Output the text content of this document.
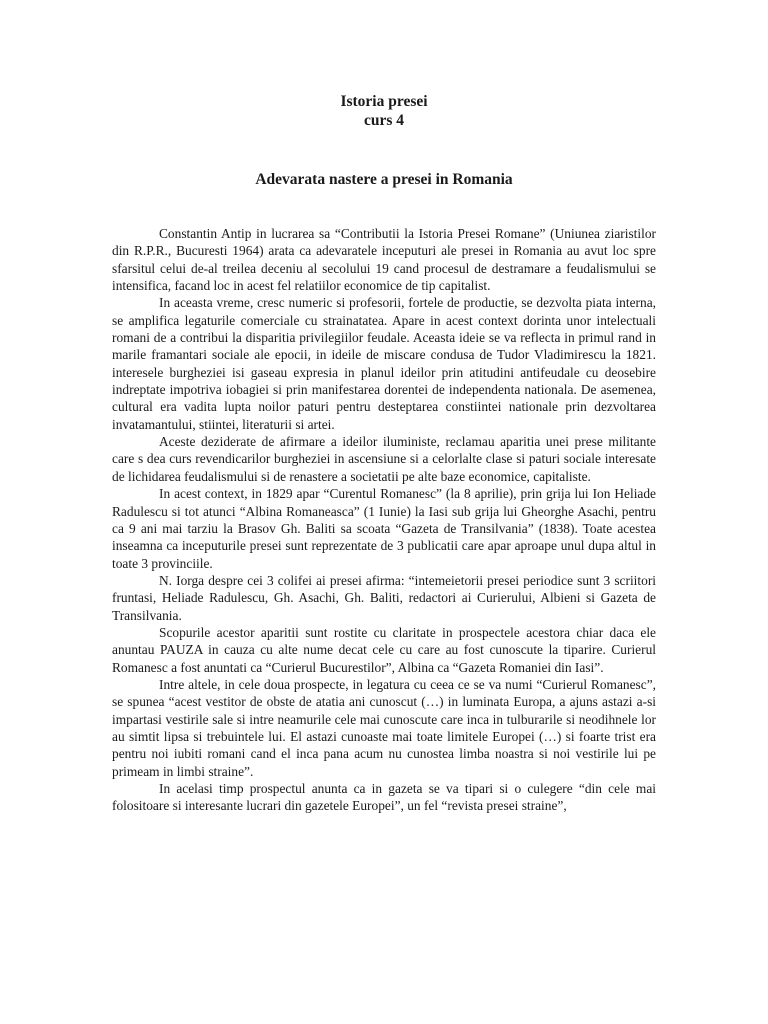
Istoria presei

curs 4

Adevarata nastere a presei in Romania

Constantin Antip in lucrarea sa “Contributii la Istoria Presei Romane” (Uniunea ziaristilor din R.P.R., Bucuresti 1964) arata ca adevaratele inceputuri ale presei in Romania au avut loc spre sfarsitul celui de-al treilea deceniu al secolului 19 cand procesul de destramare a feudalismului se intensifica, facand loc in acest fel relatiilor economice de tip capitalist.

In aceasta vreme, cresc numeric si profesorii, fortele de productie, se dezvolta piata interna, se amplifica legaturile comerciale cu strainatatea. Apare in acest context dorinta unor intelectuali romani de a contribui la disparitia privilegiilor feudale. Aceasta ideie se va reflecta in primul rand in marile framantari sociale ale epocii, in ideile de miscare condusa de Tudor Vladimirescu la 1821. interesele burgheziei isi gaseau expresia in planul ideilor prin atitudini antifeudale cu deosebire indreptate impotriva iobagiei si prin manifestarea dorentei de independenta nationala. De asemenea, cultural era vadita lupta noilor paturi pentru desteptarea constiintei nationale prin dezvoltarea invatamantului, stiintei, literaturii si artei.

Aceste deziderate de afirmare a ideilor iluministe, reclamau aparitia unei prese militante care s dea curs revendicarilor burgheziei in ascensiune si a celorlalte clase si paturi sociale interesate de lichidarea feudalismului si de renastere a societatii pe alte baze economice, capitaliste.

In acest context, in 1829 apar “Curentul Romanesc” (la 8 aprilie), prin grija lui Ion Heliade Radulescu si tot atunci “Albina Romaneasca” (1 Iunie) la Iasi sub grija lui Gheorghe Asachi, pentru ca 9 ani mai tarziu la Brasov Gh. Baliti sa scoata “Gazeta de Transilvania” (1838). Toate acestea inseamna ca inceputurile presei sunt reprezentate de 3 publicatii care apar aproape unul dupa altul in toate 3 provinciile.

N. Iorga despre cei 3 colifei ai presei afirma: “intemeietorii presei periodice sunt 3 scriitori fruntasi, Heliade Radulescu, Gh. Asachi, Gh. Baliti, redactori ai Curierului, Albieni si Gazeta de Transilvania.

Scopurile acestor aparitii sunt rostite cu claritate in prospectele acestora chiar daca ele anuntau PAUZA in cauza cu alte nume decat cele cu care au fost cunoscute la tiparire. Curierul Romanesc a fost anuntati ca “Curierul Bucurestilor”, Albina ca “Gazeta Romaniei din Iasi”.

Intre altele, in cele doua prospecte, in legatura cu ceea ce se va numi “Curierul Romanesc”, se spunea “acest vestitor de obste de atatia ani cunoscut (…) in luminata Europa, a ajuns astazi a-si impartasi vestirile sale si intre neamurile cele mai cunoscute care inca in tulburarile si neodihnele lor au simtit lipsa si trebuintele lui. El astazi cunoaste mai toate limitele Europei (…) si foarte trist era pentru noi iubiti romani cand el inca pana acum nu cunostea limba noastra si noi vestirile lui pe primeam in limbi straine”.

In acelasi timp prospectul anunta ca in gazeta se va tipari si o culegere “din cele mai folositoare si interesante lucrari din gazetele Europei”, un fel “revista presei straine”,
